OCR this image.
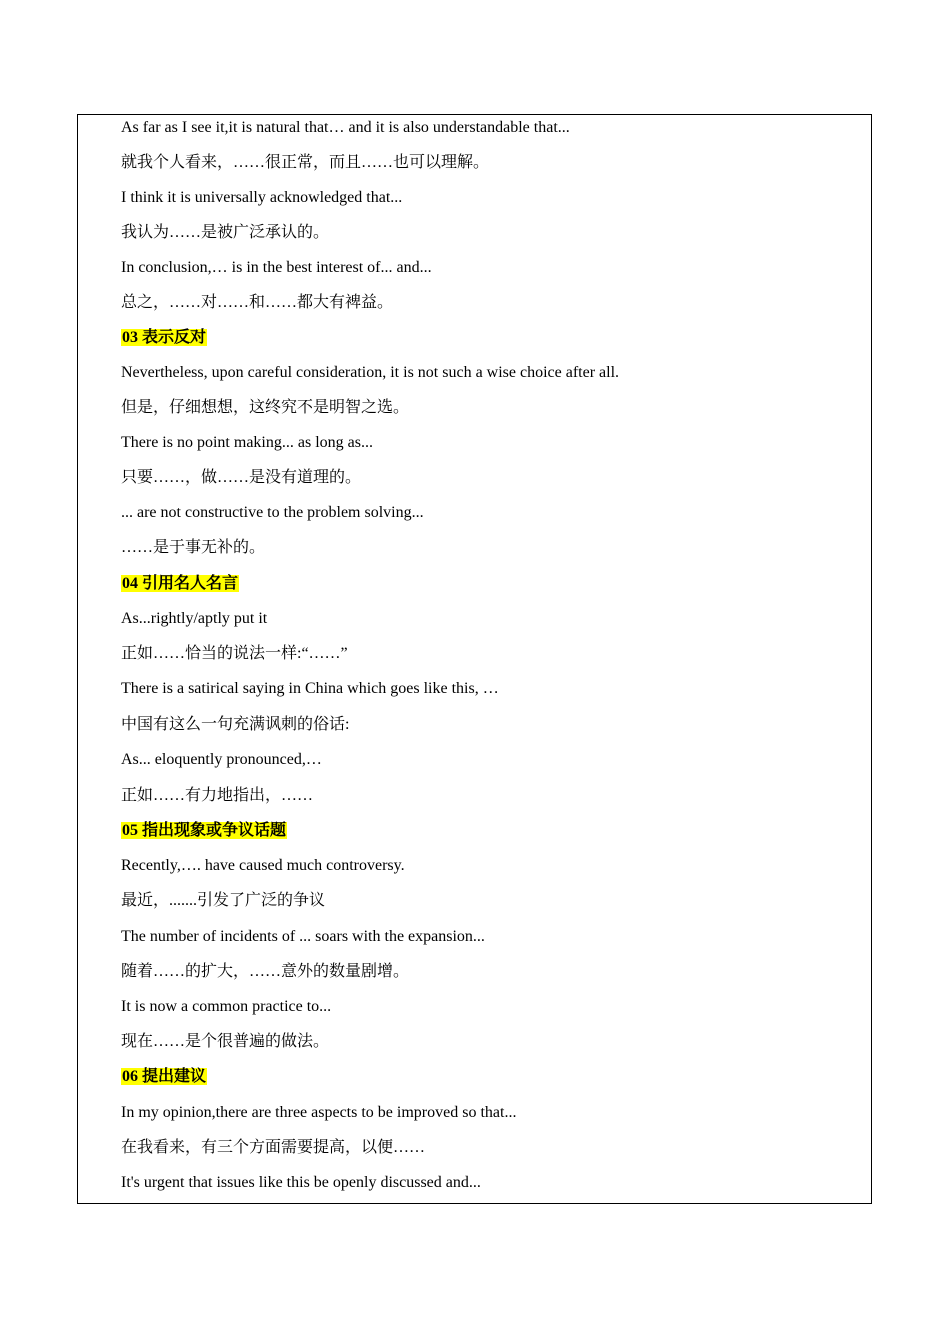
As far as I see it,it is natural that… and it is also understandable that...
就我个人看来，……很正常，而且……也可以理解。
I think it is universally acknowledged that...
我认为……是被广泛承认的。
In conclusion,… is in the best interest of... and...
总之，……对……和……都大有裨益。
03 表示反对
Nevertheless, upon careful consideration, it is not such a wise choice after all.
但是，仔细想想，这终究不是明智之选。
There is no point making... as long as...
只要……，做……是没有道理的。
... are not constructive to the problem solving...
……是于事无补的。
04 引用名人名言
As...rightly/aptly put it
正如……恰当的说法一样:“……”
There is a satirical saying in China which goes like this, …
中国有这么一句充满讽刺的俗话:
As... eloquently pronounced,…
正如……有力地指出，……
05 指出现象或争议话题
Recently,…. have caused much controversy.
最近，.......引发了广泛的争议
The number of incidents of ... soars with the expansion...
随着……的扩大，……意外的数量剧增。
It is now a common practice to...
现在……是个很普遍的做法。
06 提出建议
In my opinion,there are three aspects to be improved so that...
在我看来，有三个方面需要提高，以便……
It's urgent that issues like this be openly discussed and...
